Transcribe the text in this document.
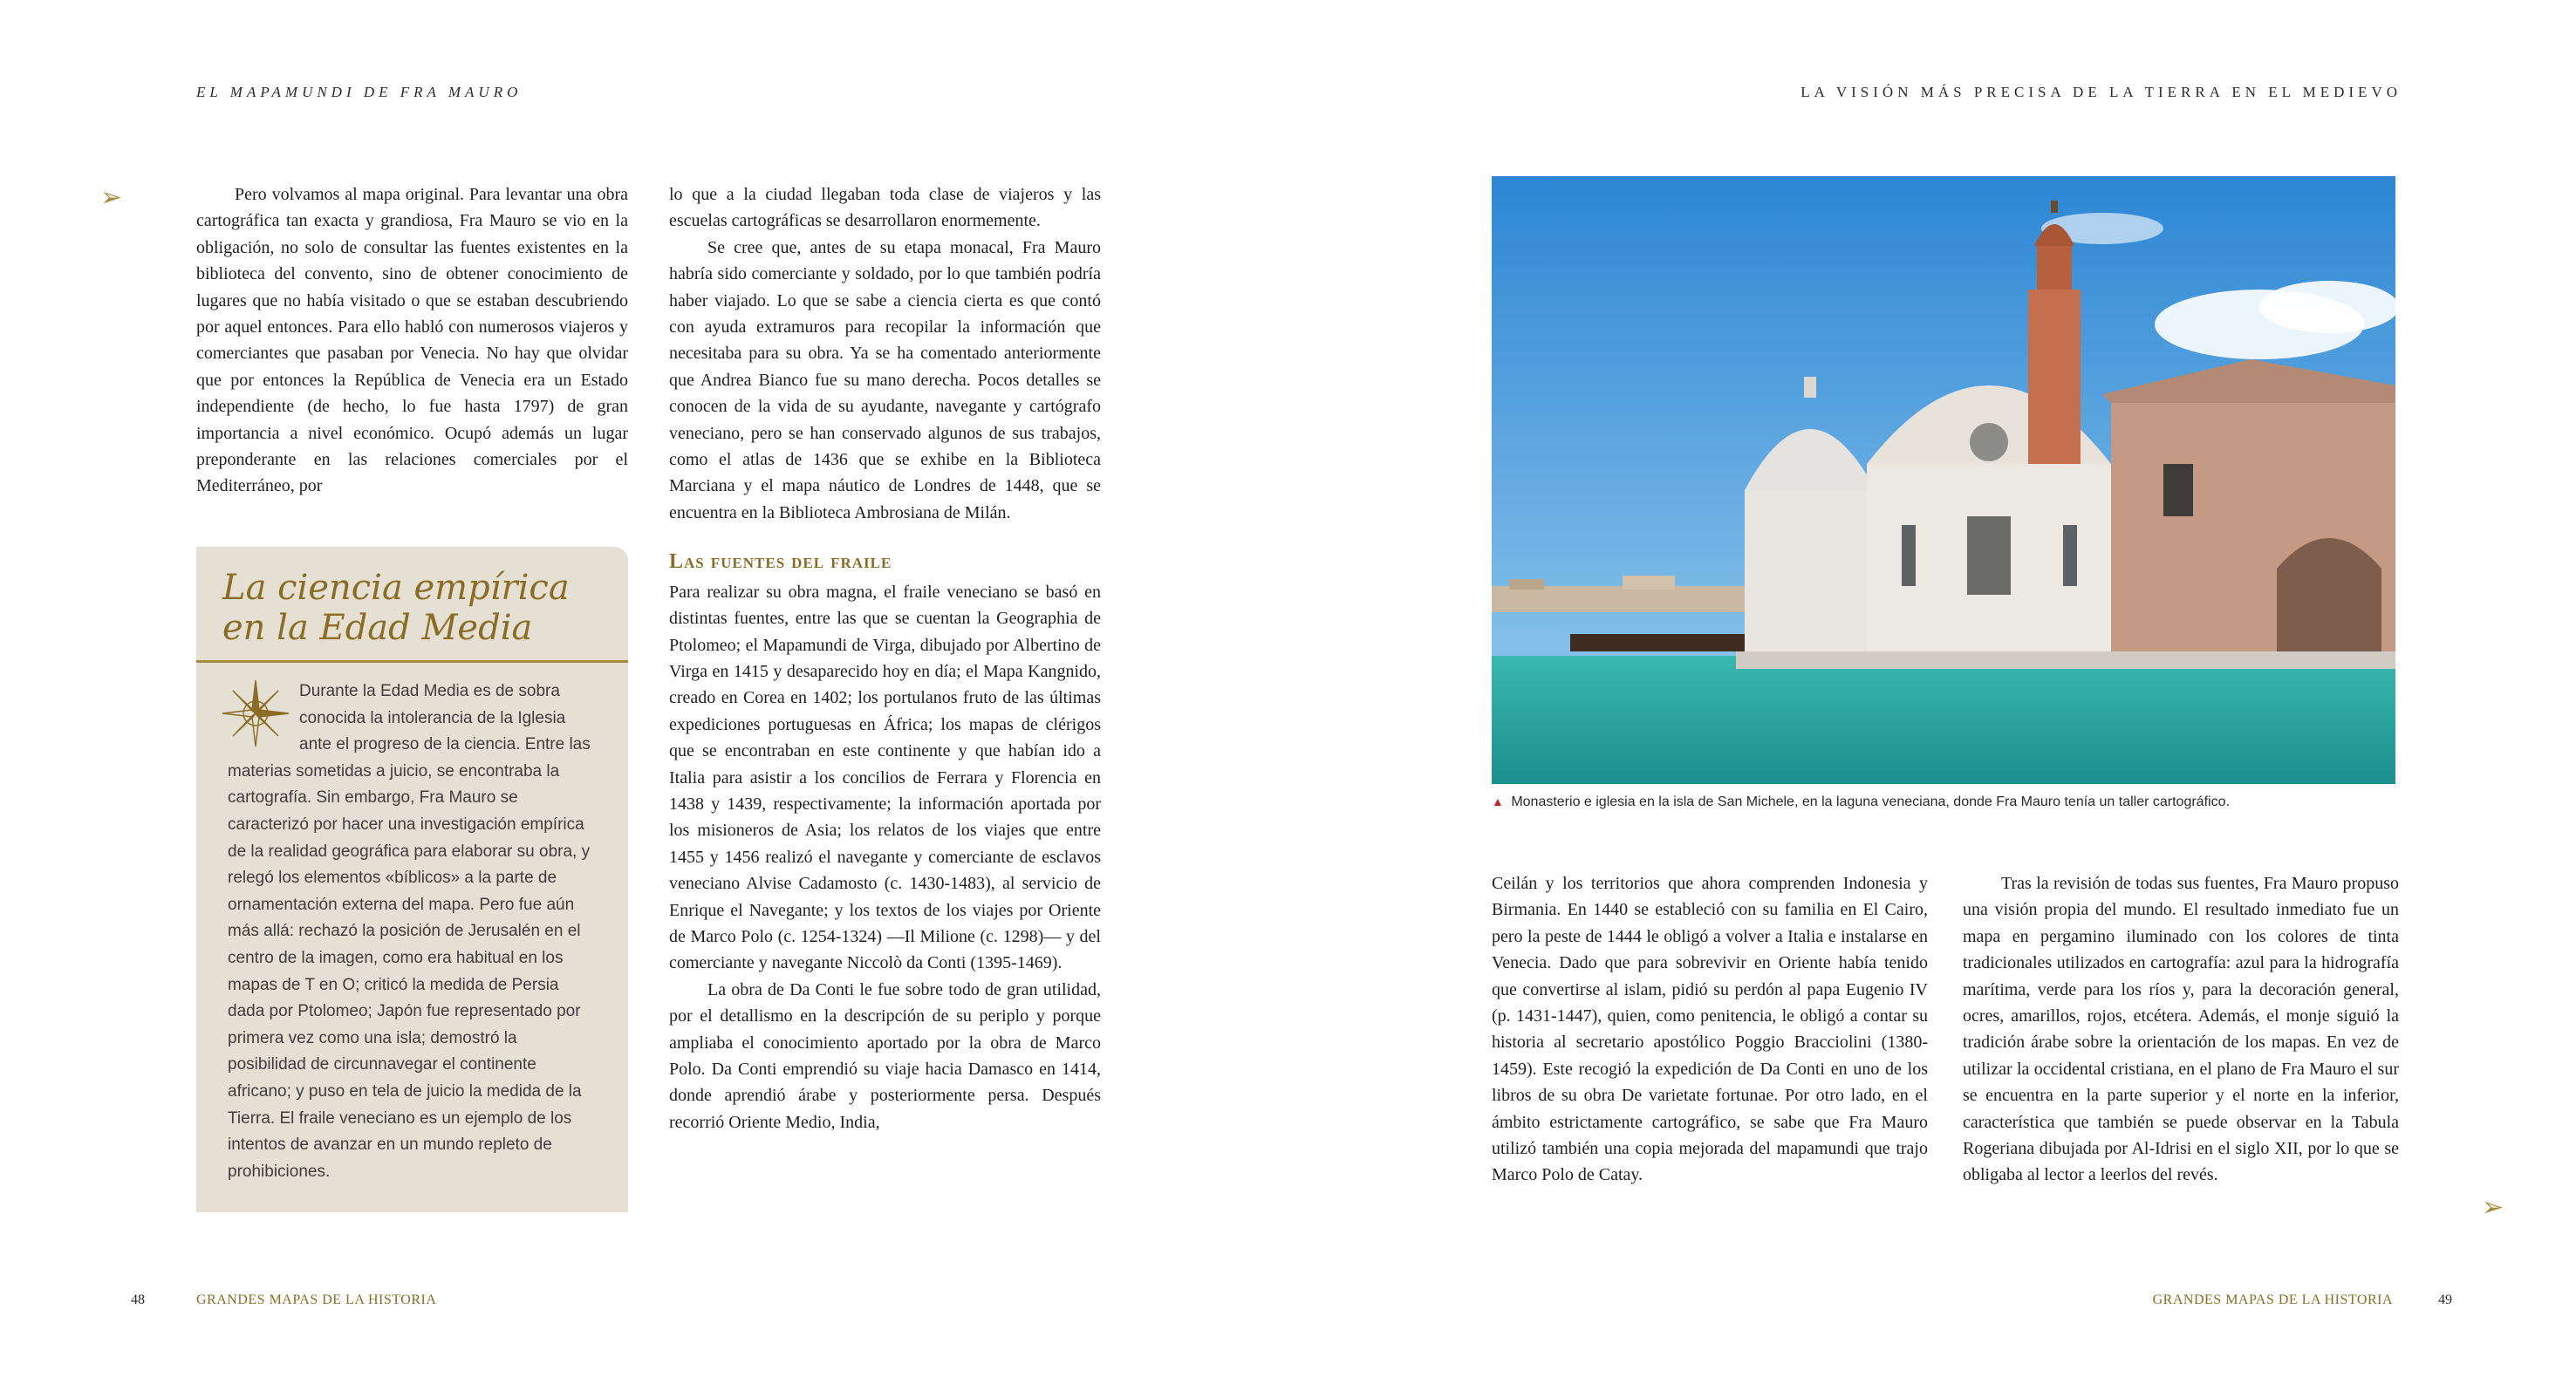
EL MAPAMUNDI DE FRA MAURO	LA VISIÓN MÁS PRECISA DE LA TIERRA EN EL MEDIEVO
➢
➢

Pero volvamos al mapa original. Para levantar una obra cartográfica tan exacta y grandiosa, Fra Mauro se vio en la obligación, no solo de consultar las fuentes existentes en la biblioteca del convento, sino de obtener conocimiento de lugares que no había visitado o que se estaban descubriendo por aquel entonces. Para ello habló con numerosos viajeros y comerciantes que pasaban por Venecia. No hay que olvidar que por entonces la República de Venecia era un Estado independiente (de hecho, lo fue hasta 1797) de gran importancia a nivel económico. Ocupó además un lugar preponderante en las relaciones comerciales por el Mediterráneo, por

La ciencia empírica
en la Edad Media
Durante la Edad Media es de sobra conocida la intolerancia de la Iglesia ante el progreso de la ciencia. Entre las materias sometidas a juicio, se encontraba la cartografía. Sin embargo, Fra Mauro se caracterizó por hacer una investigación empírica de la realidad geográfica para elaborar su obra, y relegó los elementos «bíblicos» a la parte de ornamentación externa del mapa. Pero fue aún más allá: rechazó la posición de Jerusalén en el centro de la imagen, como era habitual en los mapas de T en O; criticó la medida de Persia dada por Ptolomeo; Japón fue representado por primera vez como una isla; demostró la posibilidad de circunnavegar el continente africano; y puso en tela de juicio la medida de la Tierra. El fraile veneciano es un ejemplo de los intentos de avanzar en un mundo repleto de prohibiciones.

lo que a la ciudad llegaban toda clase de viajeros y las escuelas cartográficas se desarrollaron enormemente.

Se cree que, antes de su etapa monacal, Fra Mauro habría sido comerciante y soldado, por lo que también podría haber viajado. Lo que se sabe a ciencia cierta es que contó con ayuda extramuros para recopilar la información que necesitaba para su obra. Ya se ha comentado anteriormente que Andrea Bianco fue su mano derecha. Pocos detalles se conocen de la vida de su ayudante, navegante y cartógrafo veneciano, pero se han conservado algunos de sus trabajos, como el atlas de 1436 que se exhibe en la Biblioteca Marciana y el mapa náutico de Londres de 1448, que se encuentra en la Biblioteca Ambrosiana de Milán.

Las fuentes del fraile

Para realizar su obra magna, el fraile veneciano se basó en distintas fuentes, entre las que se cuentan la Geographia de Ptolomeo; el Mapamundi de Virga, dibujado por Albertino de Virga en 1415 y desaparecido hoy en día; el Mapa Kangnido, creado en Corea en 1402; los portulanos fruto de las últimas expediciones portuguesas en África; los mapas de clérigos que se encontraban en este continente y que habían ido a Italia para asistir a los concilios de Ferrara y Florencia en 1438 y 1439, respectivamente; la información aportada por los misioneros de Asia; los relatos de los viajes que entre 1455 y 1456 realizó el navegante y comerciante de esclavos veneciano Alvise Cadamosto (c. 1430-1483), al servicio de Enrique el Navegante; y los textos de los viajes por Oriente de Marco Polo (c. 1254-1324) —Il Milione (c. 1298)— y del comerciante y navegante Niccolò da Conti (1395-1469).

La obra de Da Conti le fue sobre todo de gran utilidad, por el detallismo en la descripción de su periplo y porque ampliaba el conocimiento aportado por la obra de Marco Polo. Da Conti emprendió su viaje hacia Damasco en 1414, donde aprendió árabe y posteriormente persa. Después recorrió Oriente Medio, India,

▲ Monasterio e iglesia en la isla de San Michele, en la laguna veneciana, donde Fra Mauro tenía un taller cartográfico.

Ceilán y los territorios que ahora comprenden Indonesia y Birmania. En 1440 se estableció con su familia en El Cairo, pero la peste de 1444 le obligó a volver a Italia e instalarse en Venecia. Dado que para sobrevivir en Oriente había tenido que convertirse al islam, pidió su perdón al papa Eugenio IV (p. 1431-1447), quien, como penitencia, le obligó a contar su historia al secretario apostólico Poggio Bracciolini (1380-1459). Este recogió la expedición de Da Conti en uno de los libros de su obra De varietate fortunae. Por otro lado, en el ámbito estrictamente cartográfico, se sabe que Fra Mauro utilizó también una copia mejorada del mapamundi que trajo Marco Polo de Catay.

Tras la revisión de todas sus fuentes, Fra Mauro propuso una visión propia del mundo. El resultado inmediato fue un mapa en pergamino iluminado con los colores de tinta tradicionales utilizados en cartografía: azul para la hidrografía marítima, verde para los ríos y, para la decoración general, ocres, amarillos, rojos, etcétera. Además, el monje siguió la tradición árabe sobre la orientación de los mapas. En vez de utilizar la occidental cristiana, en el plano de Fra Mauro el sur se encuentra en la parte superior y el norte en la inferior, característica que también se puede observar en la Tabula Rogeriana dibujada por Al-Idrisi en el siglo XII, por lo que se obligaba al lector a leerlos del revés.

48	GRANDES MAPAS DE LA HISTORIA	GRANDES MAPAS DE LA HISTORIA	49
